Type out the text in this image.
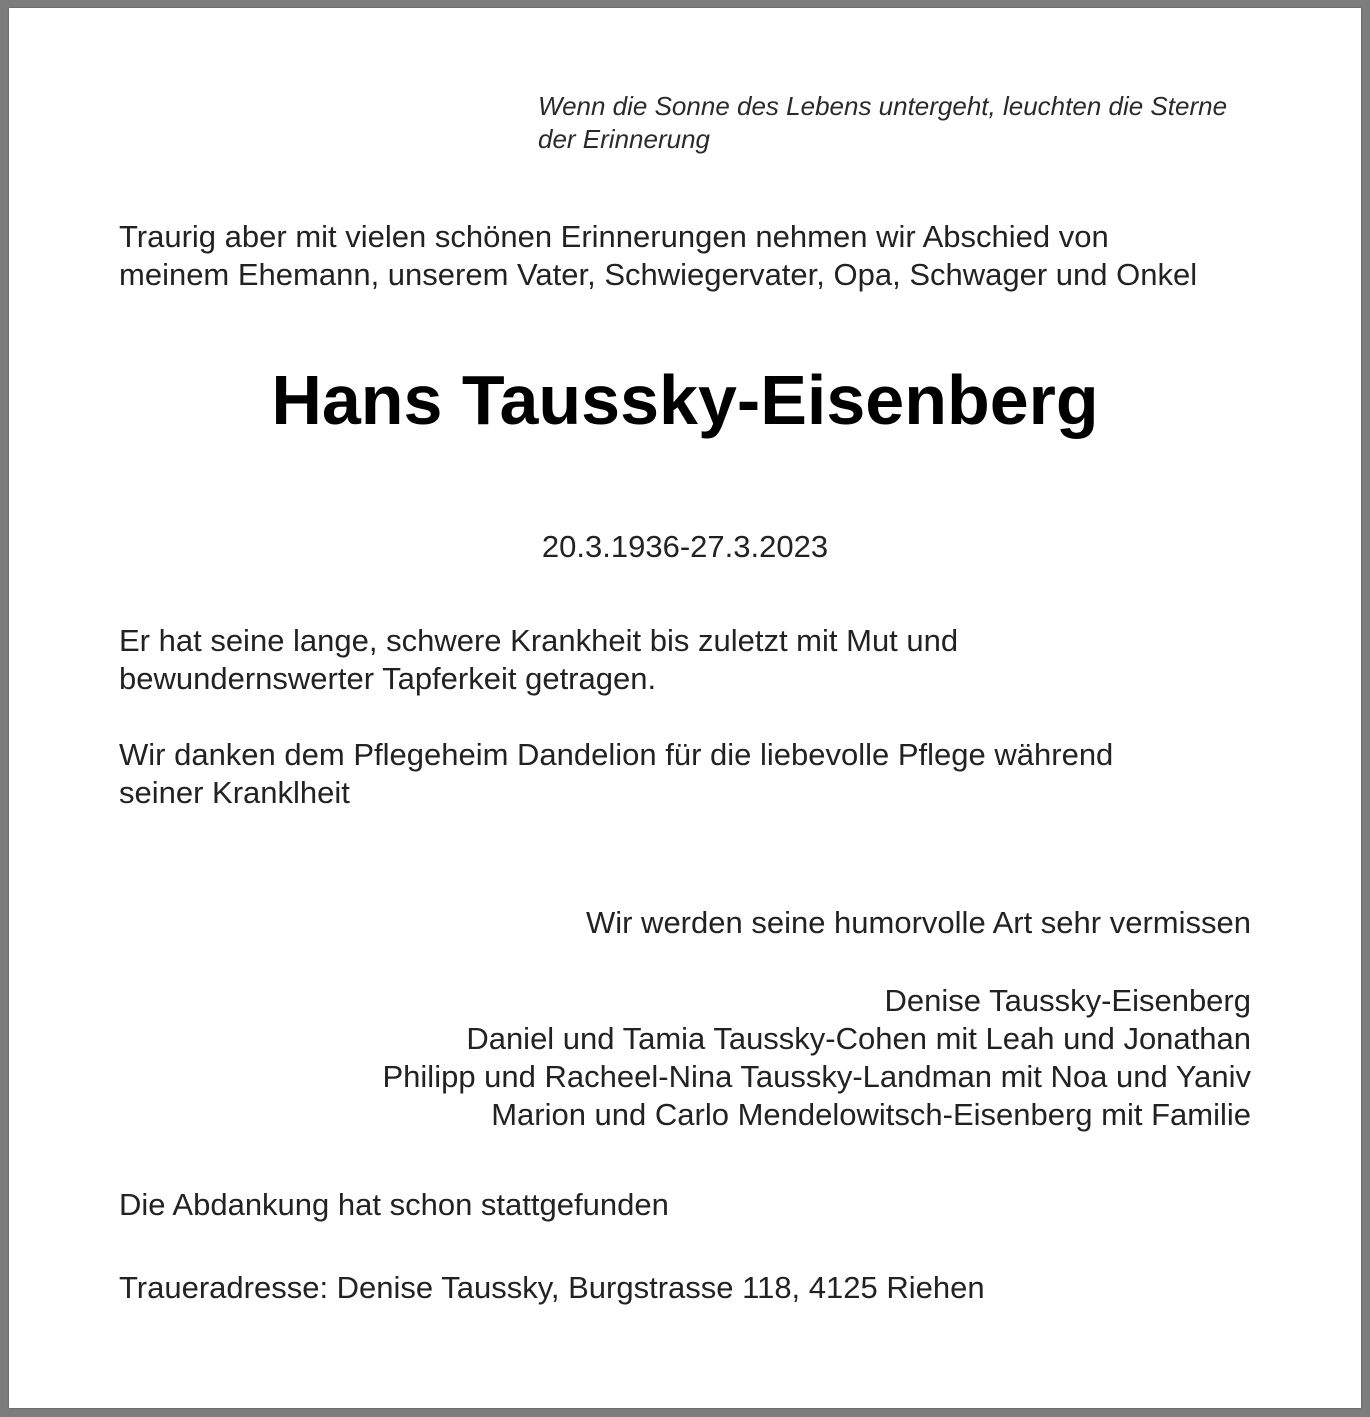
Wenn die Sonne des Lebens untergeht, leuchten die Sterne
der Erinnerung
Traurig aber mit vielen schönen Erinnerungen nehmen wir Abschied von
meinem Ehemann, unserem Vater, Schwiegervater, Opa, Schwager und Onkel
Hans Taussky-Eisenberg
20.3.1936-27.3.2023
Er hat seine lange, schwere Krankheit bis zuletzt mit Mut und
bewundernswerter Tapferkeit getragen.
Wir danken dem Pflegeheim Dandelion für die liebevolle Pflege während
seiner Kranklheit
Wir werden seine humorvolle Art sehr vermissen
Denise Taussky-Eisenberg
Daniel und Tamia Taussky-Cohen mit Leah und Jonathan
Philipp und Racheel-Nina Taussky-Landman mit Noa und Yaniv
Marion und Carlo Mendelowitsch-Eisenberg mit Familie
Die Abdankung hat schon stattgefunden
Traueradresse: Denise Taussky, Burgstrasse 118, 4125 Riehen
